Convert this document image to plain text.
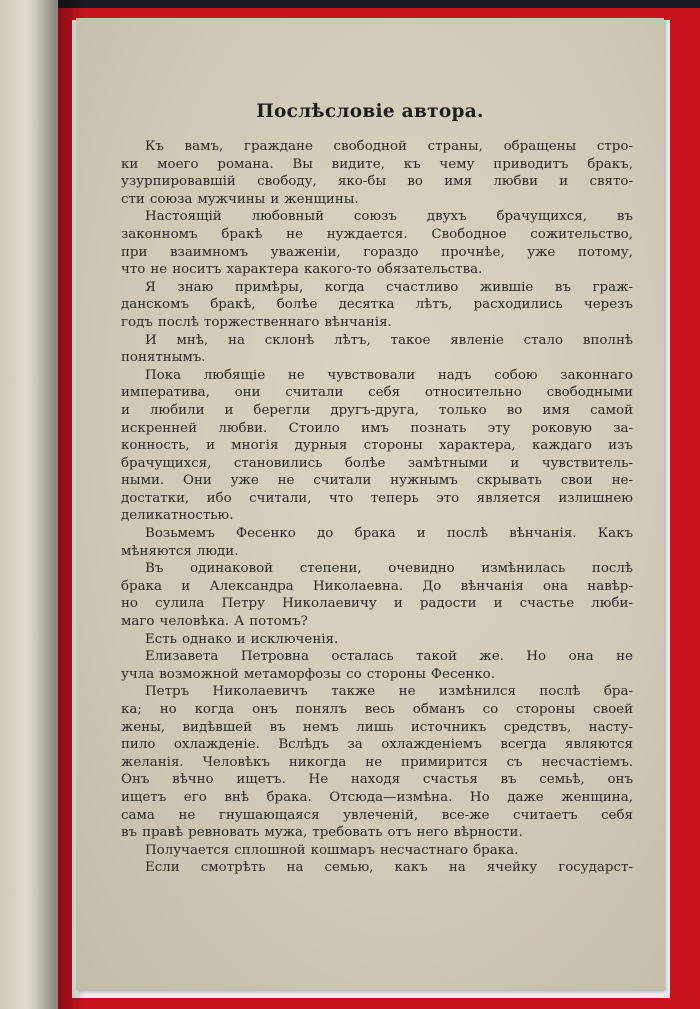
Послѣсловіе автора.
Къ вамъ, граждане свободной страны, обращены стро-
ки моего романа. Вы видите, къ чему приводитъ бракъ,
узурпировавшій свободу, яко-бы во имя любви и свято-
сти союза мужчины и женщины.
Настоящій любовный союзъ двухъ брачущихся, въ
законномъ бракѣ не нуждается. Свободное сожительство,
при взаимномъ уваженіи, гораздо прочнѣе, уже потому,
что не носитъ характера какого-то обязательства.
Я знаю примѣры, когда счастливо жившіе въ граж-
данскомъ бракѣ, болѣе десятка лѣтъ, расходились черезъ
годъ послѣ торжественнаго вѣнчанія.
И мнѣ, на склонѣ лѣтъ, такое явленіе стало вполнѣ
понятнымъ.
Пока любящіе не чувствовали надъ собою законнаго
императива, они считали себя относительно свободными
и любили и берегли другъ-друга, только во имя самой
искренней любви. Стоило имъ познать эту роковую за-
конность, и многія дурныя стороны характера, каждаго изъ
брачущихся, становились болѣе замѣтными и чувствитель-
ными. Они уже не считали нужнымъ скрывать свои не-
достатки, ибо считали, что теперь это является излишнею
деликатностью.
Возьмемъ Фесенко до брака и послѣ вѣнчанія. Какъ
мѣняются люди.
Въ одинаковой степени, очевидно измѣнилась послѣ
брака и Александра Николаевна. До вѣнчанія она навѣр-
но сулила Петру Николаевичу и радости и счастье люби-
маго человѣка. А потомъ?
Есть однако и исключенія.
Елизавета Петровна осталась такой же. Но она не
учла возможной метаморфозы со стороны Фесенко.
Петръ Николаевичъ также не измѣнился послѣ бра-
ка; но когда онъ понялъ весь обманъ со стороны своей
жены, видѣвшей въ немъ лишь источникъ средствъ, насту-
пило охлажденіе. Вслѣдъ за охлажденіемъ всегда являются
желанія. Человѣкъ никогда не примирится съ несчастіемъ.
Онъ вѣчно ищетъ. Не находя счастья въ семьѣ, онъ
ищетъ его внѣ брака. Отсюда—измѣна. Но даже женщина,
сама не гнушающаяся увлеченій, все-же считаетъ себя
въ правѣ ревновать мужа, требовать отъ него вѣрности.
Получается сплошной кошмаръ несчастнаго брака.
Если смотрѣть на семью, какъ на ячейку государст-
